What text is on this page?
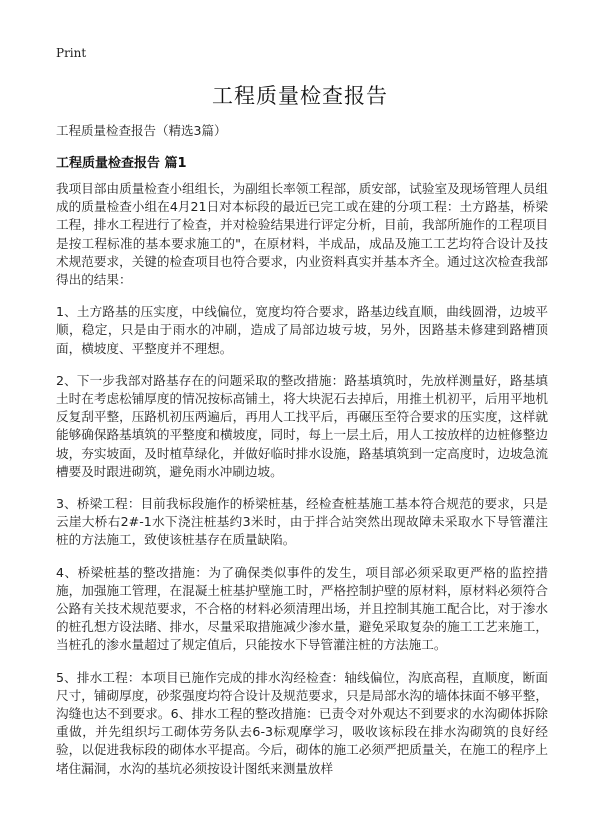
Print
工程质量检查报告

工程质量检查报告（精选3篇）

工程质量检查报告 篇1

我项目部由质量检查小组组长，为副组长率领工程部，质安部，试验室及现场管理人员组成的质量检查小组在4月21日对本标段的最近已完工或在建的分项工程：土方路基，桥梁工程，排水工程进行了检查，并对检验结果进行评定分析，目前，我部所施作的工程项目是按工程标准的基本要求施工的"，在原材料，半成品，成品及施工工艺均符合设计及技术规范要求，关键的检查项目也符合要求，内业资料真实并基本齐全。通过这次检查我部得出的结果：

1、土方路基的压实度，中线偏位，宽度均符合要求，路基边线直顺，曲线圆滑，边坡平顺，稳定，只是由于雨水的冲刷，造成了局部边坡亏坡，另外，因路基未修建到路槽顶面，横坡度、平整度并不理想。

2、下一步我部对路基存在的问题采取的整改措施：路基填筑时，先放样测量好，路基填土时在考虑松铺厚度的情况按标高铺土，将大块泥石去掉后，用推土机初平，后用平地机反复刮平整，压路机初压两遍后，再用人工找平后，再碾压至符合要求的压实度，这样就能够确保路基填筑的平整度和横坡度，同时，每上一层土后，用人工按放样的边桩修整边坡，夯实坡面，及时植草绿化，并做好临时排水设施，路基填筑到一定高度时，边坡急流槽要及时跟进砌筑，避免雨水冲刷边坡。

3、桥梁工程：目前我标段施作的桥梁桩基，经检查桩基施工基本符合规范的要求，只是云崖大桥右2#-1水下浇注桩基约3米时，由于拌合站突然出现故障未采取水下导管灌注桩的方法施工，致使该桩基存在质量缺陷。

4、桥梁桩基的整改措施：为了确保类似事件的发生，项目部必须采取更严格的监控措施，加强施工管理，在混凝土桩基护壁施工时，严格控制护壁的原材料，原材料必须符合公路有关技术规范要求，不合格的材料必须清理出场，并且控制其施工配合比，对于渗水的桩孔想方设法睹、排水，尽量采取措施减少渗水量，避免采取复杂的施工工艺来施工，当桩孔的渗水量超过了规定值后，只能按水下导管灌注桩的方法施工。

5、排水工程：本项目已施作完成的排水沟经检查：轴线偏位，沟底高程，直顺度，断面尺寸，铺砌厚度，砂浆强度均符合设计及规范要求，只是局部水沟的墙体抹面不够平整，沟缝也达不到要求。6、排水工程的整改措施：已责令对外观达不到要求的水沟砌体拆除重做，并先组织圬工砌体劳务队去6-3标观摩学习，吸收该标段在排水沟砌筑的良好经验，以促进我标段的砌体水平提高。今后，砌体的施工必须严把质量关，在施工的程序上堵住漏洞，水沟的基坑必须按设计图纸来测量放样
